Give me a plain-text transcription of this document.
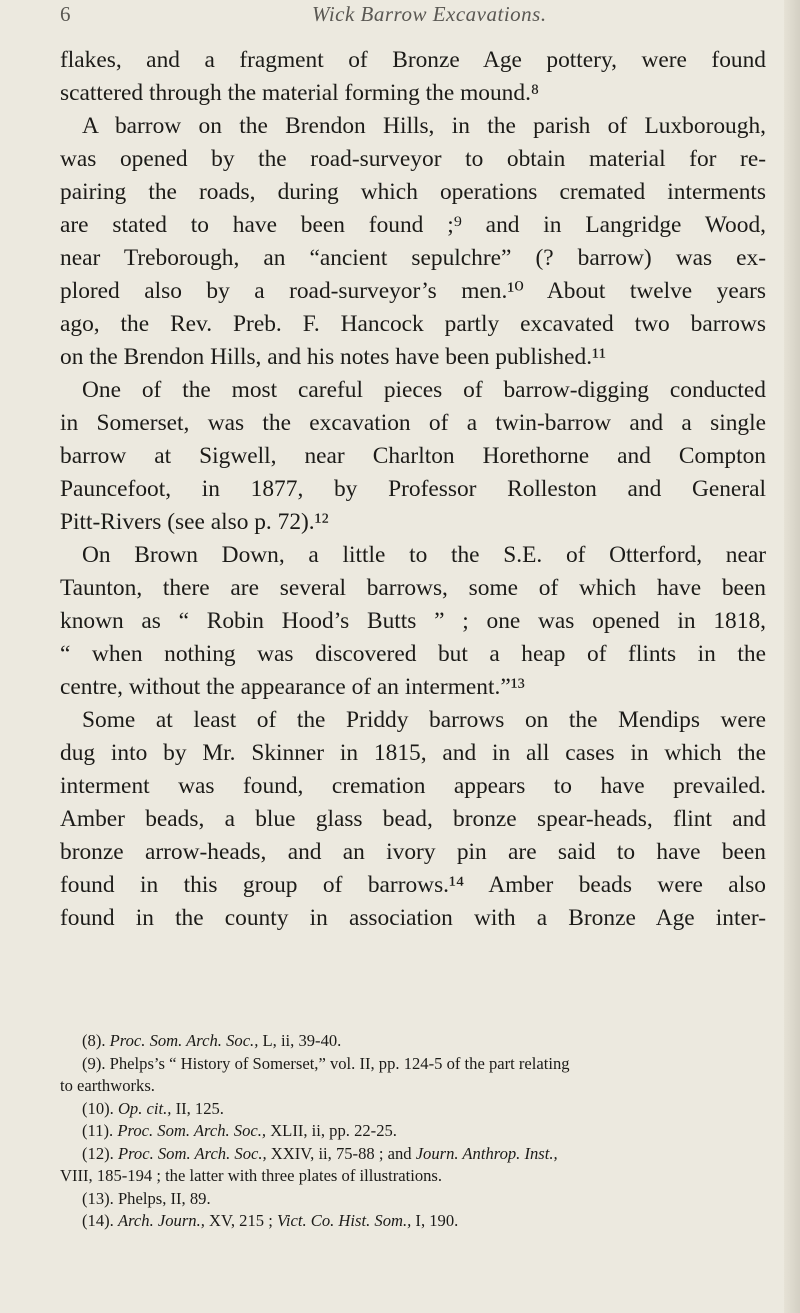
6	Wick Barrow Excavations.
flakes, and a fragment of Bronze Age pottery, were found
scattered through the material forming the mound.⁸
A barrow on the Brendon Hills, in the parish of Luxborough,
was opened by the road-surveyor to obtain material for re-
pairing the roads, during which operations cremated interments
are stated to have been found ;⁹ and in Langridge Wood,
near Treborough, an “ancient sepulchre” (? barrow) was ex-
plored also by a road-surveyor’s men.¹⁰ About twelve years
ago, the Rev. Preb. F. Hancock partly excavated two barrows
on the Brendon Hills, and his notes have been published.¹¹
One of the most careful pieces of barrow-digging conducted
in Somerset, was the excavation of a twin-barrow and a single
barrow at Sigwell, near Charlton Horethorne and Compton
Pauncefoot, in 1877, by Professor Rolleston and General
Pitt-Rivers (see also p. 72).¹²
On Brown Down, a little to the S.E. of Otterford, near
Taunton, there are several barrows, some of which have been
known as “ Robin Hood’s Butts ” ; one was opened in 1818,
“ when nothing was discovered but a heap of flints in the
centre, without the appearance of an interment.”¹³
Some at least of the Priddy barrows on the Mendips were
dug into by Mr. Skinner in 1815, and in all cases in which the
interment was found, cremation appears to have prevailed.
Amber beads, a blue glass bead, bronze spear-heads, flint and
bronze arrow-heads, and an ivory pin are said to have been
found in this group of barrows.¹⁴ Amber beads were also
found in the county in association with a Bronze Age inter-
(8). Proc. Som. Arch. Soc., L, ii, 39-40.
(9). Phelps’s “ History of Somerset,” vol. II, pp. 124-5 of the part relating
to earthworks.
(10). Op. cit., II, 125.
(11). Proc. Som. Arch. Soc., XLII, ii, pp. 22-25.
(12). Proc. Som. Arch. Soc., XXIV, ii, 75-88 ; and Journ. Anthrop. Inst.,
VIII, 185-194 ; the latter with three plates of illustrations.
(13). Phelps, II, 89.
(14). Arch. Journ., XV, 215 ; Vict. Co. Hist. Som., I, 190.
